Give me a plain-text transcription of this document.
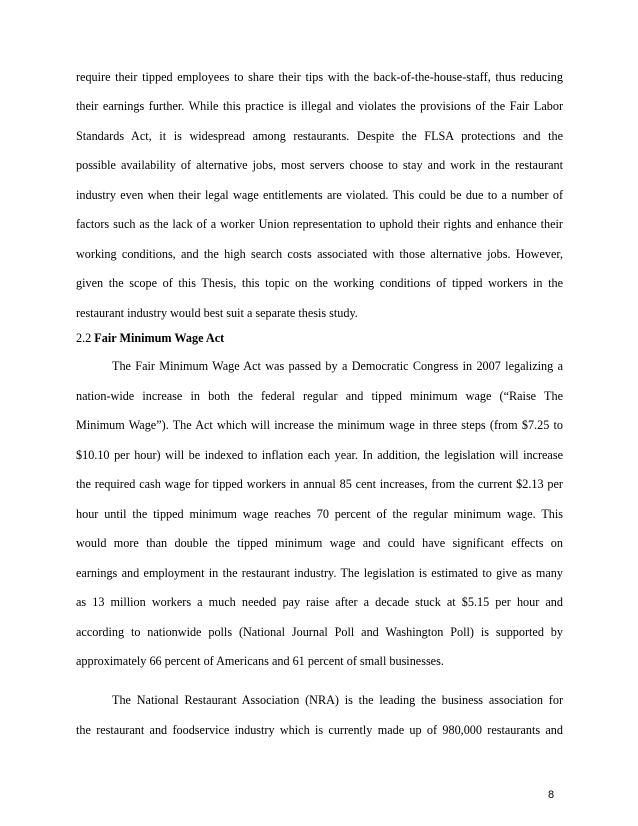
require their tipped employees to share their tips with the back-of-the-house-staff, thus reducing
their earnings further. While this practice is illegal and violates the provisions of the Fair Labor
Standards Act, it is widespread among restaurants. Despite the FLSA protections and the
possible availability of alternative jobs, most servers choose to stay and work in the restaurant
industry even when their legal wage entitlements are violated. This could be due to a number of
factors such as the lack of a worker Union representation to uphold their rights and enhance their
working conditions, and the high search costs associated with those alternative jobs. However,
given the scope of this Thesis, this topic on the working conditions of tipped workers in the
restaurant industry would best suit a separate thesis study.
2.2 Fair Minimum Wage Act
The Fair Minimum Wage Act was passed by a Democratic Congress in 2007 legalizing a
nation-wide increase in both the federal regular and tipped minimum wage (“Raise The
Minimum Wage”). The Act which will increase the minimum wage in three steps (from $7.25 to
$10.10 per hour) will be indexed to inflation each year. In addition, the legislation will increase
the required cash wage for tipped workers in annual 85 cent increases, from the current $2.13 per
hour until the tipped minimum wage reaches 70 percent of the regular minimum wage. This
would more than double the tipped minimum wage and could have significant effects on
earnings and employment in the restaurant industry. The legislation is estimated to give as many
as 13 million workers a much needed pay raise after a decade stuck at $5.15 per hour and
according to nationwide polls (National Journal Poll and Washington Poll) is supported by
approximately 66 percent of Americans and 61 percent of small businesses.
The National Restaurant Association (NRA) is the leading the business association for
the restaurant and foodservice industry which is currently made up of 980,000 restaurants and
8
